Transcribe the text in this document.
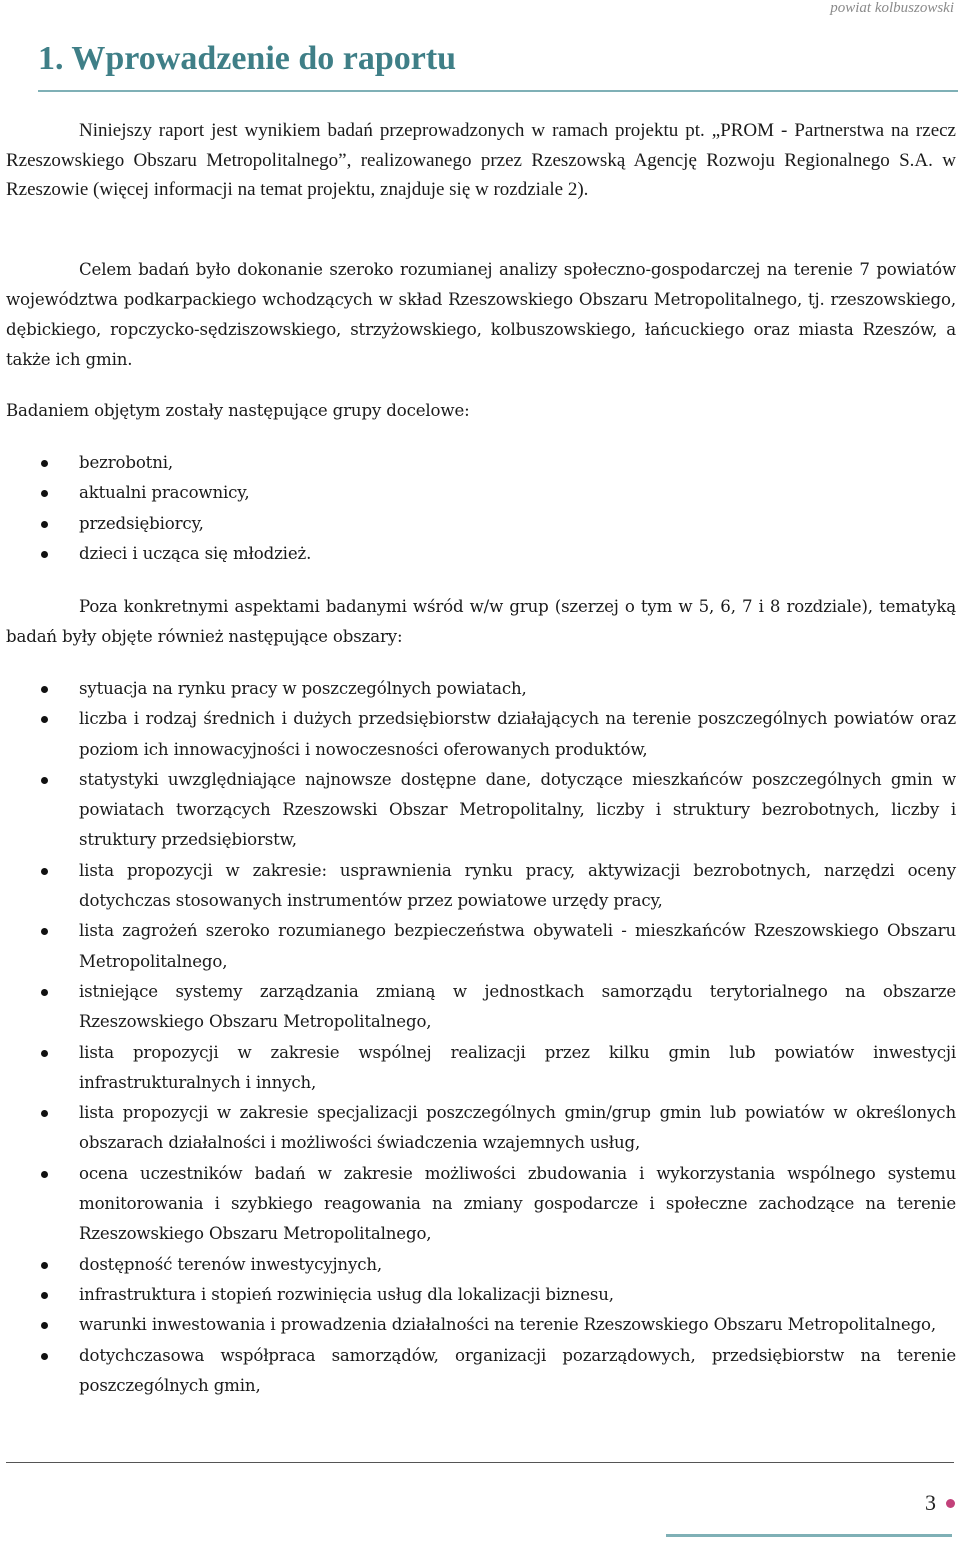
powiat kolbuszowski
1. Wprowadzenie do raportu

Niniejszy raport jest wynikiem badań przeprowadzonych w ramach projektu pt. „PROM - Partnerstwa na rzecz Rzeszowskiego Obszaru Metropolitalnego”, realizowanego przez Rzeszowską Agencję Rozwoju Regionalnego S.A. w Rzeszowie (więcej informacji na temat projektu, znajduje się w rozdziale 2).

Celem badań było dokonanie szeroko rozumianej analizy społeczno-gospodarczej na terenie 7 powiatów województwa podkarpackiego wchodzących w skład Rzeszowskiego Obszaru Metropolitalnego, tj. rzeszowskiego, dębickiego, ropczycko-sędziszowskiego, strzyżowskiego, kolbuszowskiego, łańcuckiego oraz miasta Rzeszów, a także ich gmin.

Badaniem objętym zostały następujące grupy docelowe:

bezrobotni,
aktualni pracownicy,
przedsiębiorcy,
dzieci i ucząca się młodzież.

Poza konkretnymi aspektami badanymi wśród w/w grup (szerzej o tym w 5, 6, 7 i 8 rozdziale), tematyką badań były objęte również następujące obszary:

sytuacja na rynku pracy w poszczególnych powiatach,
liczba i rodzaj średnich i dużych przedsiębiorstw działających na terenie poszczególnych powiatów oraz poziom ich innowacyjności i nowoczesności oferowanych produktów,
statystyki uwzględniające najnowsze dostępne dane, dotyczące mieszkańców poszczególnych gmin w powiatach tworzących Rzeszowski Obszar Metropolitalny, liczby i struktury bezrobotnych, liczby i struktury przedsiębiorstw,
lista propozycji w zakresie: usprawnienia rynku pracy, aktywizacji bezrobotnych, narzędzi oceny dotychczas stosowanych instrumentów przez powiatowe urzędy pracy,
lista zagrożeń szeroko rozumianego bezpieczeństwa obywateli - mieszkańców Rzeszowskiego Obszaru Metropolitalnego,
istniejące systemy zarządzania zmianą w jednostkach samorządu terytorialnego na obszarze Rzeszowskiego Obszaru Metropolitalnego,
lista propozycji w zakresie wspólnej realizacji przez kilku gmin lub powiatów inwestycji infrastrukturalnych i innych,
lista propozycji w zakresie specjalizacji poszczególnych gmin/grup gmin lub powiatów w określonych obszarach działalności i możliwości świadczenia wzajemnych usług,
ocena uczestników badań w zakresie możliwości zbudowania i wykorzystania wspólnego systemu monitorowania i szybkiego reagowania na zmiany gospodarcze i społeczne zachodzące na terenie Rzeszowskiego Obszaru Metropolitalnego,
dostępność terenów inwestycyjnych,
infrastruktura i stopień rozwinięcia usług dla lokalizacji biznesu,
warunki inwestowania i prowadzenia działalności na terenie Rzeszowskiego Obszaru Metropolitalnego,
dotychczasowa współpraca samorządów, organizacji pozarządowych, przedsiębiorstw na terenie poszczególnych gmin,
3
